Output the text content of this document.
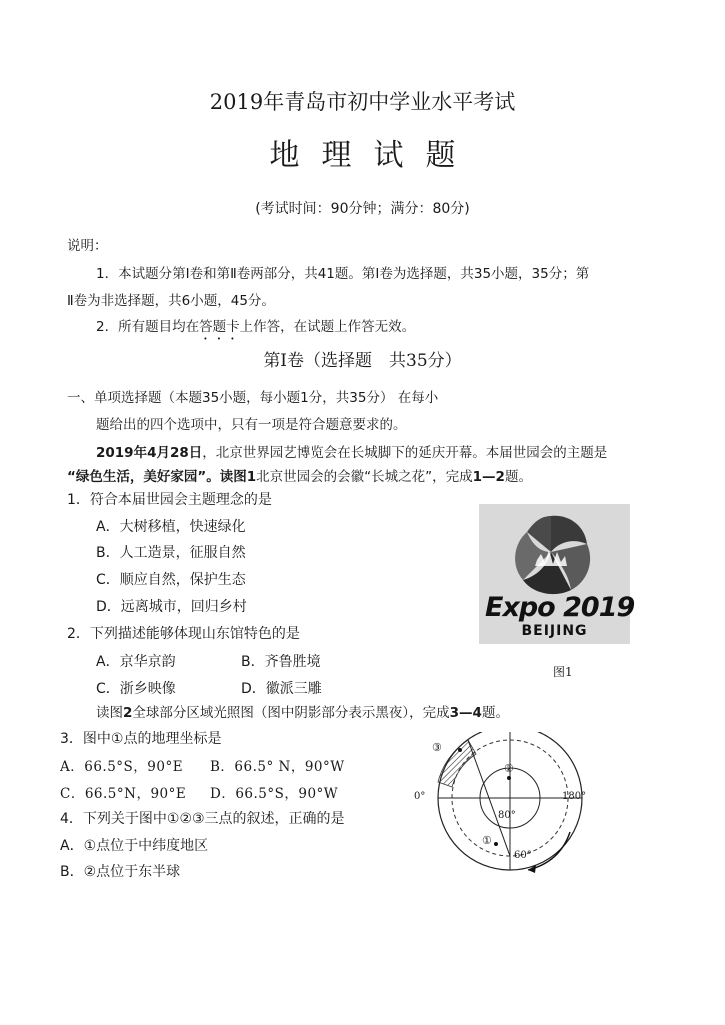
2019年青岛市初中学业水平考试
地理试题
(考试时间：90分钟；满分：80分)
说明：
1．本试题分第Ⅰ卷和第Ⅱ卷两部分，共41题。第Ⅰ卷为选择题，共35小题，35分；第
Ⅱ卷为非选择题，共6小题，45分。
2．所有题目均在答题卡上作答，在试题上作答无效。
第Ⅰ卷（选择题　共35分）
一、单项选择题（本题35小题，每小题1分，共35分） 在每小
题给出的四个选项中，只有一项是符合题意要求的。
2019年4月28日，北京世界园艺博览会在长城脚下的延庆开幕。本届世园会的主题是
“绿色生活，美好家园”。读图1北京世园会的会徽“长城之花”，完成1—2题。
1．符合本届世园会主题理念的是
A．大树移植，快速绿化
B．人工造景，征服自然
C．顺应自然，保护生态
D．远离城市，回归乡村	Expo 2019
BEIJING
图1
2．下列描述能够体现山东馆特色的是
A．京华京韵	B．齐鲁胜境
C．浙乡映像	D．徽派三雕
读图2全球部分区域光照图（图中阴影部分表示黑夜），完成3—4题。
3．图中①点的地理坐标是
A．66.5°S，90°E B．66.5° N，90°W
C．66.5°N，90°E D．66.5°S，90°W
4．下列关于图中①②③三点的叙述，正确的是
A．①点位于中纬度地区
B．②点位于东半球
0°	180°
80°
60°
③
②
①
